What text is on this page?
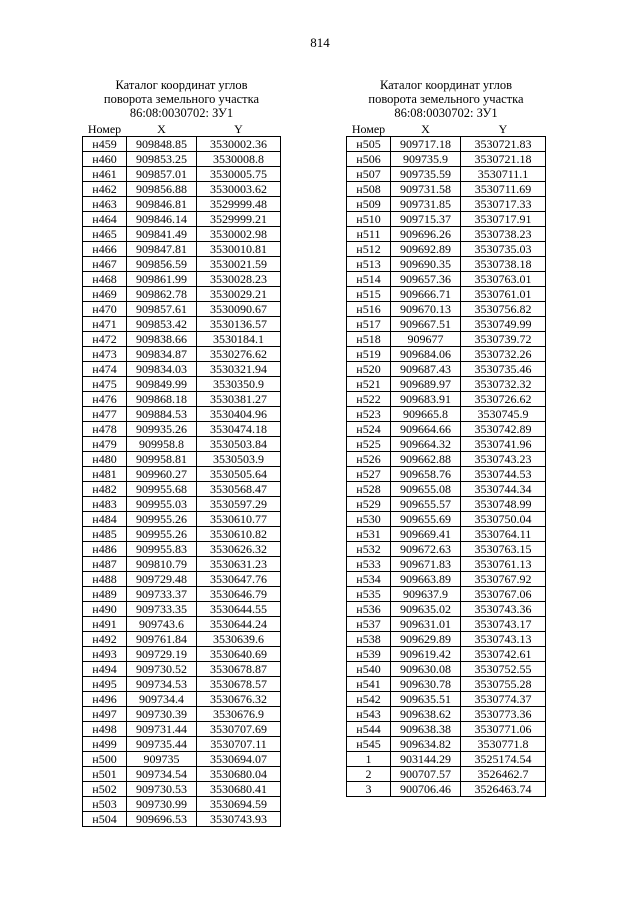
814
Каталог координат углов
поворота земельного участка
86:08:0030702: ЗУ1
Номер	X	Y
н459	909848.85	3530002.36
н460	909853.25	3530008.8
н461	909857.01	3530005.75
н462	909856.88	3530003.62
н463	909846.81	3529999.48
н464	909846.14	3529999.21
н465	909841.49	3530002.98
н466	909847.81	3530010.81
н467	909856.59	3530021.59
н468	909861.99	3530028.23
н469	909862.78	3530029.21
н470	909857.61	3530090.67
н471	909853.42	3530136.57
н472	909838.66	3530184.1
н473	909834.87	3530276.62
н474	909834.03	3530321.94
н475	909849.99	3530350.9
н476	909868.18	3530381.27
н477	909884.53	3530404.96
н478	909935.26	3530474.18
н479	909958.8	3530503.84
н480	909958.81	3530503.9
н481	909960.27	3530505.64
н482	909955.68	3530568.47
н483	909955.03	3530597.29
н484	909955.26	3530610.77
н485	909955.26	3530610.82
н486	909955.83	3530626.32
н487	909810.79	3530631.23
н488	909729.48	3530647.76
н489	909733.37	3530646.79
н490	909733.35	3530644.55
н491	909743.6	3530644.24
н492	909761.84	3530639.6
н493	909729.19	3530640.69
н494	909730.52	3530678.87
н495	909734.53	3530678.57
н496	909734.4	3530676.32
н497	909730.39	3530676.9
н498	909731.44	3530707.69
н499	909735.44	3530707.11
н500	909735	3530694.07
н501	909734.54	3530680.04
н502	909730.53	3530680.41
н503	909730.99	3530694.59
н504	909696.53	3530743.93
Каталог координат углов
поворота земельного участка
86:08:0030702: ЗУ1
Номер	X	Y
н505	909717.18	3530721.83
н506	909735.9	3530721.18
н507	909735.59	3530711.1
н508	909731.58	3530711.69
н509	909731.85	3530717.33
н510	909715.37	3530717.91
н511	909696.26	3530738.23
н512	909692.89	3530735.03
н513	909690.35	3530738.18
н514	909657.36	3530763.01
н515	909666.71	3530761.01
н516	909670.13	3530756.82
н517	909667.51	3530749.99
н518	909677	3530739.72
н519	909684.06	3530732.26
н520	909687.43	3530735.46
н521	909689.97	3530732.32
н522	909683.91	3530726.62
н523	909665.8	3530745.9
н524	909664.66	3530742.89
н525	909664.32	3530741.96
н526	909662.88	3530743.23
н527	909658.76	3530744.53
н528	909655.08	3530744.34
н529	909655.57	3530748.99
н530	909655.69	3530750.04
н531	909669.41	3530764.11
н532	909672.63	3530763.15
н533	909671.83	3530761.13
н534	909663.89	3530767.92
н535	909637.9	3530767.06
н536	909635.02	3530743.36
н537	909631.01	3530743.17
н538	909629.89	3530743.13
н539	909619.42	3530742.61
н540	909630.08	3530752.55
н541	909630.78	3530755.28
н542	909635.51	3530774.37
н543	909638.62	3530773.36
н544	909638.38	3530771.06
н545	909634.82	3530771.8
1	903144.29	3525174.54
2	900707.57	3526462.7
3	900706.46	3526463.74
